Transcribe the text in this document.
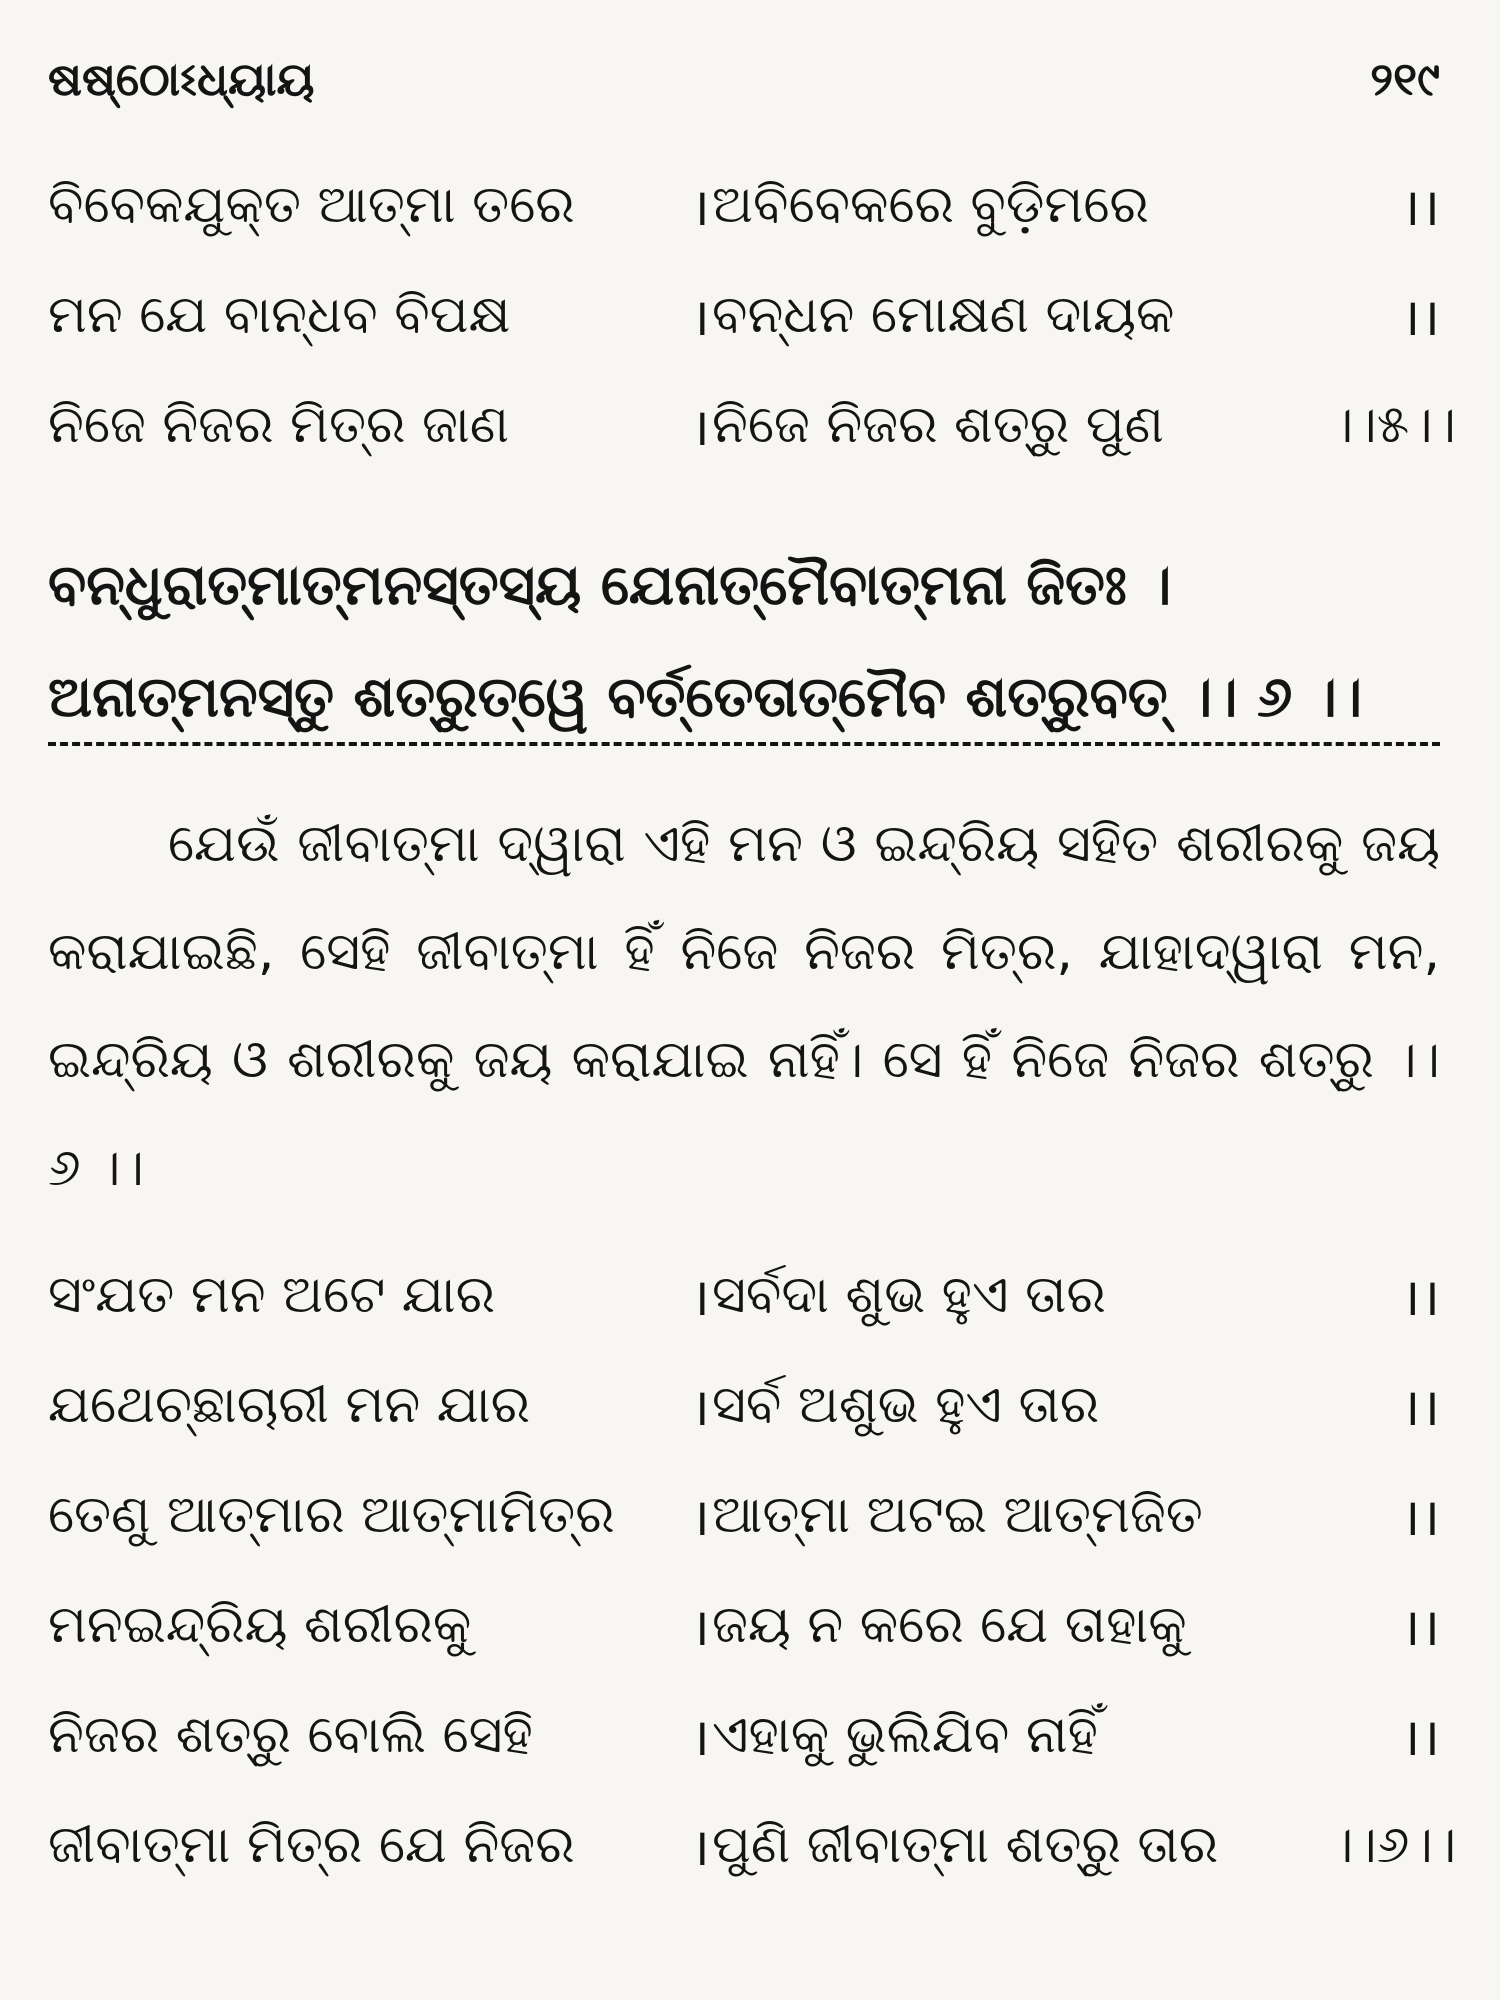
ଷଷ୍ଠୋଽଧ୍ୟାୟ	୨୧୯
ବିବେକଯୁକ୍ତ ଆତ୍ମା ତରେ	। ଅବିବେକରେ ବୁଡ଼ିମରେ	।।
ମନ ଯେ ବାନ୍ଧବ ବିପକ୍ଷ	। ବନ୍ଧନ ମୋକ୍ଷଣ ଦାୟକ	।।
ନିଜେ ନିଜର ମିତ୍ର ଜାଣ	। ନିଜେ ନିଜର ଶତ୍ରୁ ପୁଣ	।।୫।।
ବନ୍ଧୁରାତ୍ମାତ୍ମନସ୍ତସ୍ୟ ଯେନାତ୍ମୈବାତ୍ମନା ଜିତଃ ।
ଅନାତ୍ମନସ୍ତୁ ଶତ୍ରୁତ୍ୱେ ବର୍ତ୍ତେତାତ୍ମୈବ ଶତ୍ରୁବତ୍ ।। ୬ ।।

ଯେଉଁ ଜୀବାତ୍ମା ଦ୍ୱାରା ଏହି ମନ ଓ ଇନ୍ଦ୍ରିୟ ସହିତ ଶରୀରକୁ ଜୟ କରାଯାଇଛି, ସେହି ଜୀବାତ୍ମା ହିଁ ନିଜେ ନିଜର ମିତ୍ର, ଯାହାଦ୍ୱାରା ମନ, ଇନ୍ଦ୍ରିୟ ଓ ଶରୀରକୁ ଜୟ କରାଯାଇ ନାହିଁ। ସେ ହିଁ ନିଜେ ନିଜର ଶତ୍ରୁ ।। ୬ ।।

ସଂଯତ ମନ ଅଟେ ଯାର	। ସର୍ବଦା ଶୁଭ ହୁଏ ତାର	।।
ଯଥେଚ୍ଛାଚାରୀ ମନ ଯାର	। ସର୍ବ ଅଶୁଭ ହୁଏ ତାର	।।
ତେଣୁ ଆତ୍ମାର ଆତ୍ମାମିତ୍ର	। ଆତ୍ମା ଅଟଇ ଆତ୍ମଜିତ	।।
ମନଇନ୍ଦ୍ରିୟ ଶରୀରକୁ	। ଜୟ ନ କରେ ଯେ ତାହାକୁ	।।
ନିଜର ଶତ୍ରୁ ବୋଲି ସେହି	। ଏହାକୁ ଭୁଲିଯିବ ନାହିଁ	।।
ଜୀବାତ୍ମା ମିତ୍ର ଯେ ନିଜର	। ପୁଣି ଜୀବାତ୍ମା ଶତ୍ରୁ ତାର	।।୬।।
